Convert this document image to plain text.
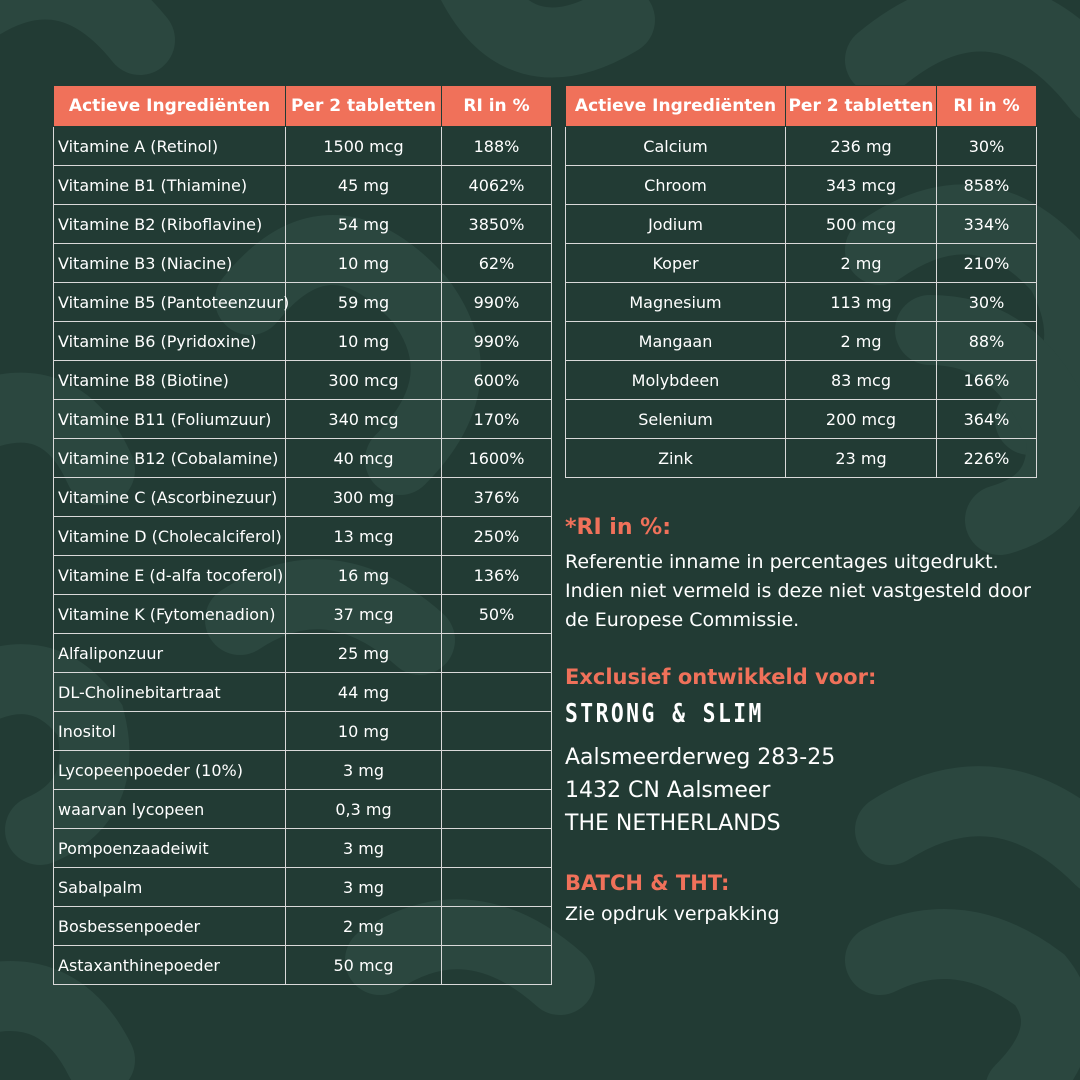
Actieve Ingrediënten	Per 2 tabletten	RI in %
Vitamine A (Retinol)	1500 mcg	188%
Vitamine B1 (Thiamine)	45 mg	4062%
Vitamine B2 (Riboflavine)	54 mg	3850%
Vitamine B3 (Niacine)	10 mg	62%
Vitamine B5 (Pantoteenzuur)	59 mg	990%
Vitamine B6 (Pyridoxine)	10 mg	990%
Vitamine B8 (Biotine)	300 mcg	600%
Vitamine B11 (Foliumzuur)	340 mcg	170%
Vitamine B12 (Cobalamine)	40 mcg	1600%
Vitamine C (Ascorbinezuur)	300 mg	376%
Vitamine D (Cholecalciferol)	13 mcg	250%
Vitamine E (d-alfa tocoferol)	16 mg	136%
Vitamine K (Fytomenadion)	37 mcg	50%
Alfaliponzuur	25 mg	
DL-Cholinebitartraat	44 mg	
Inositol	10 mg	
Lycopeenpoeder (10%)	3 mg	
waarvan lycopeen	0,3 mg	
Pompoenzaadeiwit	3 mg	
Sabalpalm	3 mg	
Bosbessenpoeder	2 mg	
Astaxanthinepoeder	50 mcg	
Actieve Ingrediënten	Per 2 tabletten	RI in %
Calcium	236 mg	30%
Chroom	343 mcg	858%
Jodium	500 mcg	334%
Koper	2 mg	210%
Magnesium	113 mg	30%
Mangaan	2 mg	88%
Molybdeen	83 mcg	166%
Selenium	200 mcg	364%
Zink	23 mg	226%
*RI in %:
Referentie inname in percentages uitgedrukt.
Indien niet vermeld is deze niet vastgesteld door
de Europese Commissie.
Exclusief ontwikkeld voor:
STRONG & SLIM
Aalsmeerderweg 283-25
1432 CN Aalsmeer
THE NETHERLANDS
BATCH & THT:
Zie opdruk verpakking
